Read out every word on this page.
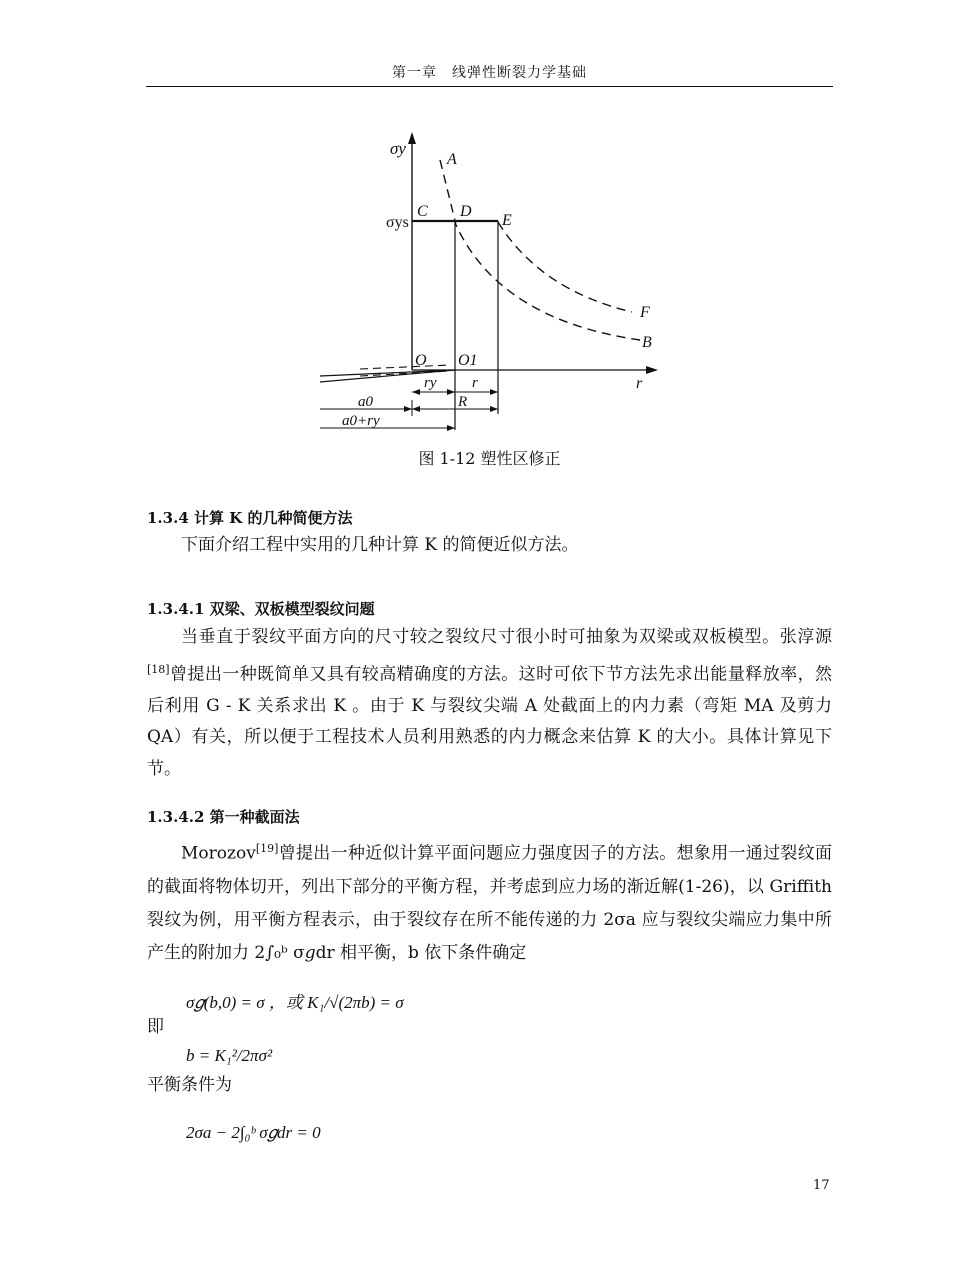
第一章　线弹性断裂力学基础
σy
σys
A
C D
E
F
B
O O1
r
ry r
a0	R
a0+ry
图 1-12 塑性区修正
1.3.4 计算 K 的几种简便方法
下面介绍工程中实用的几种计算 K 的简便近似方法。
1.3.4.1 双梁、双板模型裂纹问题
当垂直于裂纹平面方向的尺寸较之裂纹尺寸很小时可抽象为双梁或双板模型。张淳源[18]曾提出一种既简单又具有较高精确度的方法。这时可依下节方法先求出能量释放率，然后利用 G - K 关系求出 K 。由于 K 与裂纹尖端 A 处截面上的内力素（弯矩 MA 及剪力 QA）有关，所以便于工程技术人员利用熟悉的内力概念来估算 K 的大小。具体计算见下节。
1.3.4.2 第一种截面法
Morozov[19]曾提出一种近似计算平面问题应力强度因子的方法。想象用一通过裂纹面的截面将物体切开，列出下部分的平衡方程，并考虑到应力场的渐近解(1-26)，以 Griffith 裂纹为例，用平衡方程表示，由于裂纹存在所不能传递的力 2σa 应与裂纹尖端应力集中所产生的附加力 2∫₀ᵇ σ𝑔dr 相平衡，b 依下条件确定
σ𝑔(b,0) = σ ，或 K₁/√(2πb) = σ
即
b = K₁²/2πσ²
平衡条件为
2σa − 2∫₀ᵇ σ𝑔dr = 0
17
